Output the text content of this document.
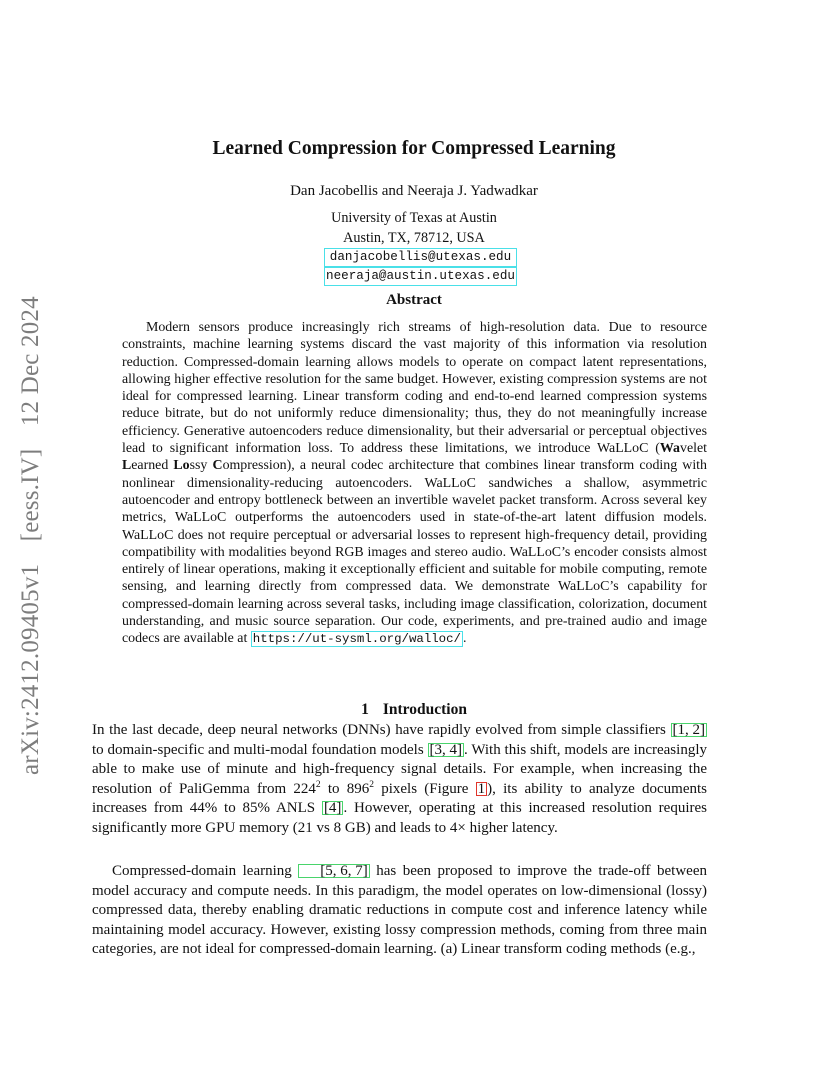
arXiv:2412.09405v1 [eess.IV] 12 Dec 2024
Learned Compression for Compressed Learning
Dan Jacobellis and Neeraja J. Yadwadkar
University of Texas at Austin
Austin, TX, 78712, USA
danjacobellis@utexas.edu
neeraja@austin.utexas.edu
Abstract

Modern sensors produce increasingly rich streams of high-resolution data. Due to resource constraints, machine learning systems discard the vast majority of this information via resolution reduction. Compressed-domain learning allows models to operate on compact latent representations, allowing higher effective resolution for the same budget. However, existing compression systems are not ideal for compressed learning. Linear transform coding and end-to-end learned compression systems reduce bitrate, but do not uniformly reduce dimensionality; thus, they do not meaningfully increase efficiency. Generative autoencoders reduce dimensionality, but their adversarial or perceptual objectives lead to significant information loss. To address these limitations, we introduce WaLLoC (Wavelet Learned Lossy Compression), a neural codec architecture that combines linear transform coding with nonlinear dimensionality-reducing autoencoders. WaLLoC sandwiches a shallow, asymmetric autoencoder and entropy bottleneck between an invertible wavelet packet transform. Across several key metrics, WaLLoC outperforms the autoencoders used in state-of-the-art latent diffusion models. WaLLoC does not require perceptual or adversarial losses to represent high-frequency detail, providing compatibility with modalities beyond RGB images and stereo audio. WaLLoC’s encoder consists almost entirely of linear operations, making it exceptionally efficient and suitable for mobile computing, remote sensing, and learning directly from compressed data. We demonstrate WaLLoC’s capability for compressed-domain learning across several tasks, including image classification, colorization, document understanding, and music source separation. Our code, experiments, and pre-trained audio and image codecs are available at https://ut-sysml.org/walloc/ .

1 Introduction

In the last decade, deep neural networks (DNNs) have rapidly evolved from simple classifiers [1, 2] to domain-specific and multi-modal foundation models [3, 4] . With this shift, models are increasingly able to make use of minute and high-frequency signal details. For example, when increasing the resolution of PaliGemma from $224^2$ to $896^2$ pixels (Figure 1 ), its ability to analyze documents increases from 44% to 85% ANLS [4] . However, operating at this increased resolution requires significantly more GPU memory (21 vs 8 GB) and leads to 4× higher latency.

Compressed-domain learning [5, 6, 7] has been proposed to improve the trade-off between model accuracy and compute needs. In this paradigm, the model operates on low-dimensional (lossy) compressed data, thereby enabling dramatic reductions in compute cost and inference latency while maintaining model accuracy. However, existing lossy compression methods, coming from three main categories, are not ideal for compressed-domain learning. (a) Linear transform coding methods (e.g.,
